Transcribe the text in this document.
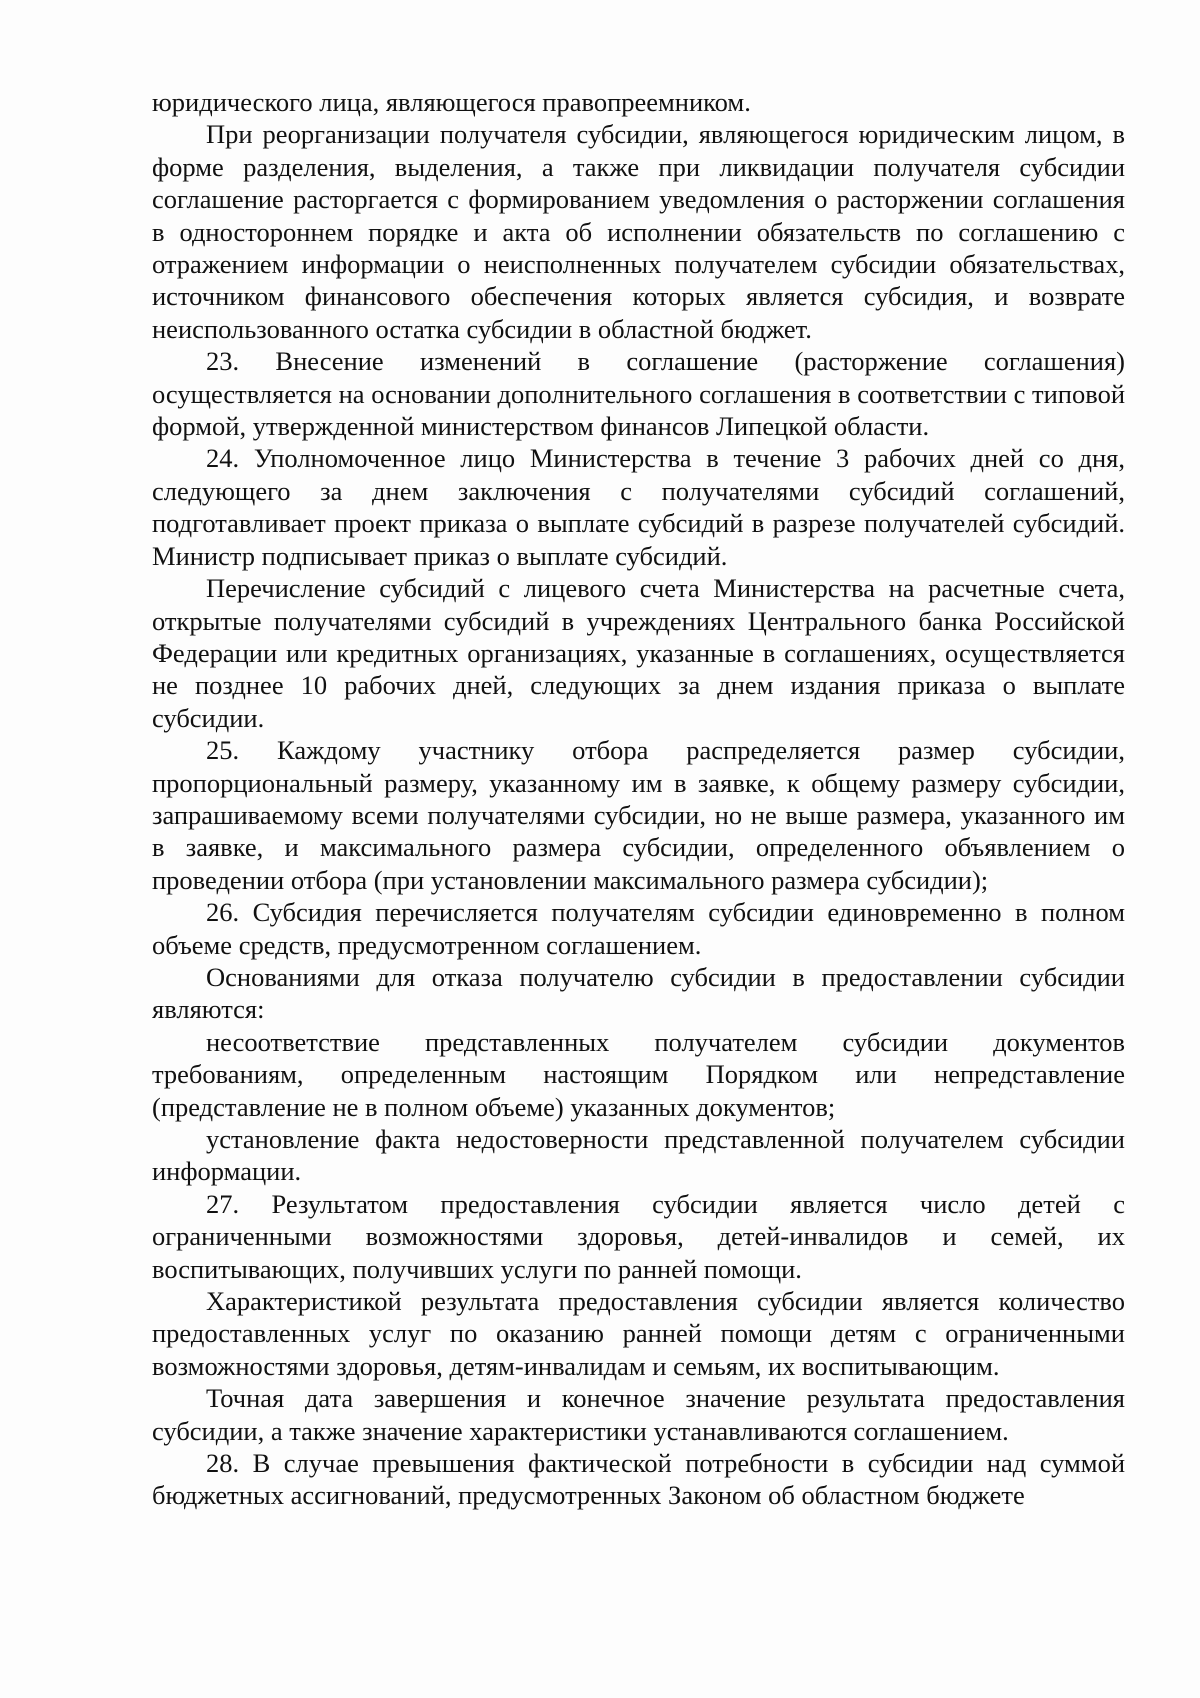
юридического лица, являющегося правопреемником.

При реорганизации получателя субсидии, являющегося юридическим лицом, в форме разделения, выделения, а также при ликвидации получателя субсидии соглашение расторгается с формированием уведомления о расторжении соглашения в одностороннем порядке и акта об исполнении обязательств по соглашению с отражением информации о неисполненных получателем субсидии обязательствах, источником финансового обеспечения которых является субсидия, и возврате неиспользованного остатка субсидии в областной бюджет.

23. Внесение изменений в соглашение (расторжение соглашения) осуществляется на основании дополнительного соглашения в соответствии с типовой формой, утвержденной министерством финансов Липецкой области.

24. Уполномоченное лицо Министерства в течение 3 рабочих дней со дня, следующего за днем заключения с получателями субсидий соглашений, подготавливает проект приказа о выплате субсидий в разрезе получателей субсидий. Министр подписывает приказ о выплате субсидий.

Перечисление субсидий с лицевого счета Министерства на расчетные счета, открытые получателями субсидий в учреждениях Центрального банка Российской Федерации или кредитных организациях, указанные в соглашениях, осуществляется не позднее 10 рабочих дней, следующих за днем издания приказа о выплате субсидии.

25. Каждому участнику отбора распределяется размер субсидии, пропорциональный размеру, указанному им в заявке, к общему размеру субсидии, запрашиваемому всеми получателями субсидии, но не выше размера, указанного им в заявке, и максимального размера субсидии, определенного объявлением о проведении отбора (при установлении максимального размера субсидии);

26. Субсидия перечисляется получателям субсидии единовременно в полном объеме средств, предусмотренном соглашением.

Основаниями для отказа получателю субсидии в предоставлении субсидии являются:

несоответствие представленных получателем субсидии документов требованиям, определенным настоящим Порядком или непредставление (представление не в полном объеме) указанных документов;

установление факта недостоверности представленной получателем субсидии информации.

27. Результатом предоставления субсидии является число детей с ограниченными возможностями здоровья, детей-инвалидов и семей, их воспитывающих, получивших услуги по ранней помощи.

Характеристикой результата предоставления субсидии является количество предоставленных услуг по оказанию ранней помощи детям с ограниченными возможностями здоровья, детям-инвалидам и семьям, их воспитывающим.

Точная дата завершения и конечное значение результата предоставления субсидии, а также значение характеристики устанавливаются соглашением.

28. В случае превышения фактической потребности в субсидии над суммой бюджетных ассигнований, предусмотренных Законом об областном бюджете
